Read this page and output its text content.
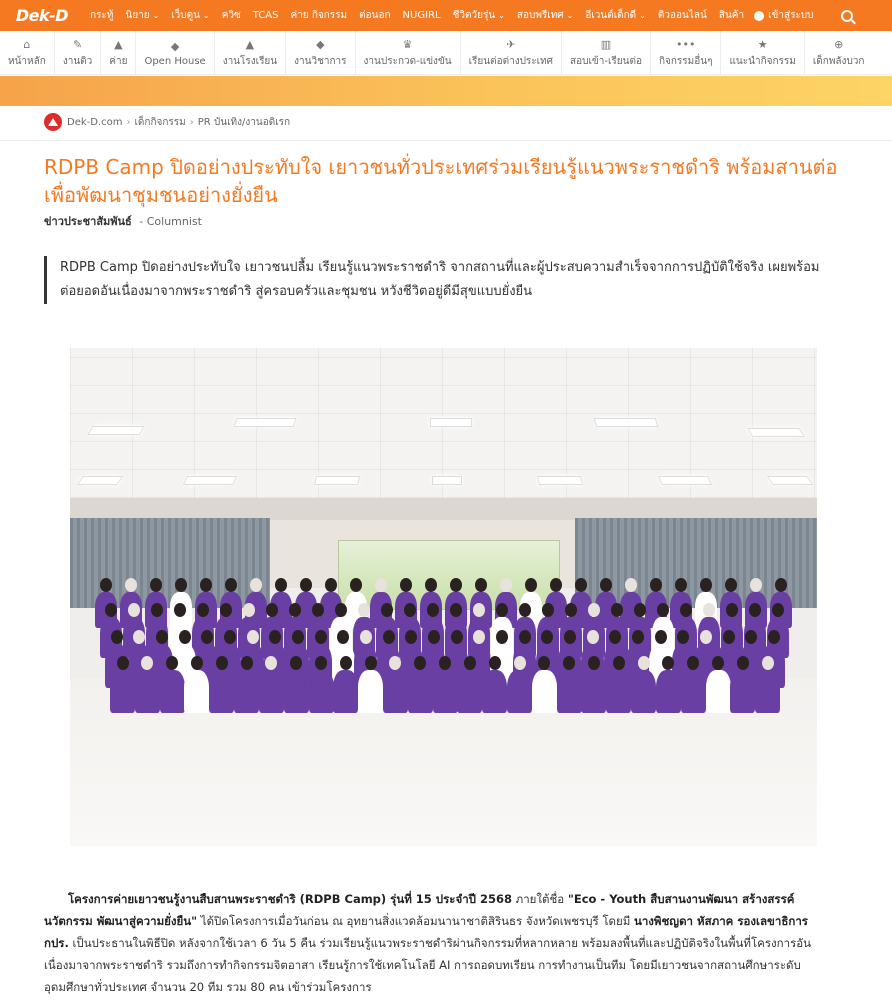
Dek-D	กระทู้ นิยาย ⌄ เว็บตูน ⌄ ควิซ TCAS ค่าย กิจกรรม ต่อนอก NUGIRL ชีวิตวัยรุ่น ⌄ สอบพรีเทศ ⌄ อีเวนต์เด็กดี ⌄ ติวออนไลน์ สินค้า เข้าสู่ระบบ
⌂
หน้าหลัก
✎
งานติว
▲
ค่าย
◆
Open House
▲
งานโรงเรียน
◆
งานวิชาการ
♛
งานประกวด-แข่งขัน
✈
เรียนต่อต่างประเทศ
▥
สอบเข้า-เรียนต่อ
•••
กิจกรรมอื่นๆ
★
แนะนำกิจกรรม
⊕
เด็กพลังบวก
Dek-D.com › เด็กกิจกรรม › PR บันเทิง/งานอดิเรก
RDPB Camp ปิดอย่างประทับใจ เยาวชนทั่วประเทศร่วมเรียนรู้แนวพระราชดำริ พร้อมสานต่อเพื่อพัฒนาชุมชนอย่างยั่งยืน
ข่าวประชาสัมพันธ์ - Columnist
RDPB Camp ปิดอย่างประทับใจ เยาวชนปลื้ม เรียนรู้แนวพระราชดำริ จากสถานที่และผู้ประสบความสำเร็จจากการปฏิบัติใช้จริง เผยพร้อมต่อยอดอันเนื่องมาจากพระราชดำริ สู่ครอบครัวและชุมชน หวังชีวิตอยู่ดีมีสุขแบบยั่งยืน

โครงการค่ายเยาวชนรู้งานสืบสานพระราชดำริ (RDPB Camp) รุ่นที่ 15 ประจำปี 2568 ภายใต้ชื่อ "Eco - Youth สืบสานงานพัฒนา สร้างสรรค์นวัตกรรม พัฒนาสู่ความยั่งยืน" ได้ปิดโครงการเมื่อวันก่อน ณ อุทยานสิ่งแวดล้อมนานาชาติสิรินธร จังหวัดเพชรบุรี โดยมี นางพิชญดา หัสภาค รองเลขาธิการ กปร. เป็นประธานในพิธีปิด หลังจากใช้เวลา 6 วัน 5 คืน ร่วมเรียนรู้แนวพระราชดำริผ่านกิจกรรมที่หลากหลาย พร้อมลงพื้นที่และปฏิบัติจริงในพื้นที่โครงการอันเนื่องมาจากพระราชดำริ รวมถึงการทำกิจกรรมจิตอาสา เรียนรู้การใช้เทคโนโลยี AI การถอดบทเรียน การทำงานเป็นทีม โดยมีเยาวชนจากสถานศึกษาระดับอุดมศึกษาทั่วประเทศ จำนวน 20 ทีม รวม 80 คน เข้าร่วมโครงการ
